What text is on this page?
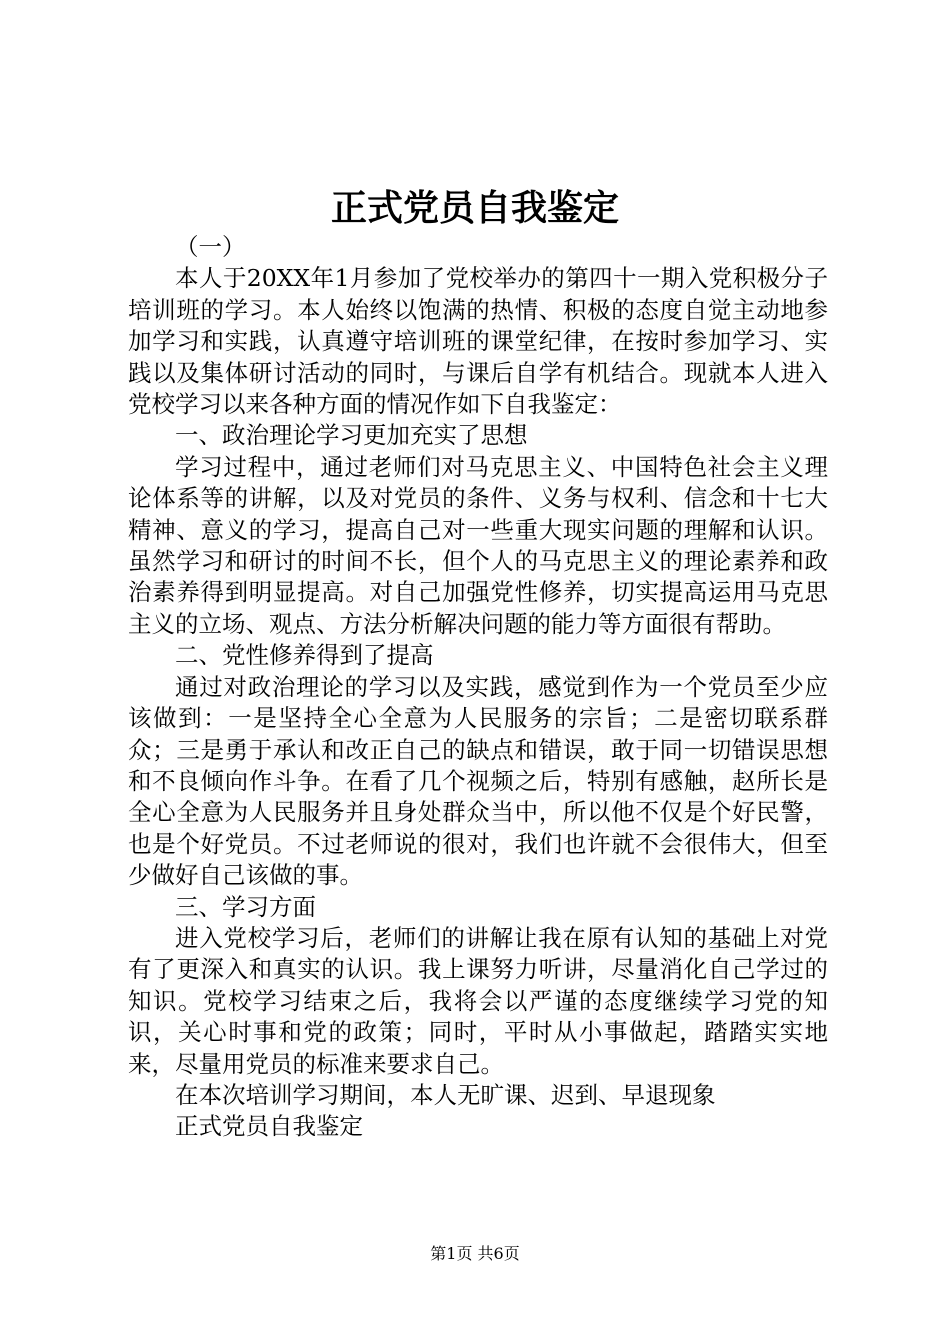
正式党员自我鉴定

（一）

本人于20XX年1月参加了党校举办的第四十一期入党积极分子培训班的学习。本人始终以饱满的热情、积极的态度自觉主动地参加学习和实践，认真遵守培训班的课堂纪律，在按时参加学习、实践以及集体研讨活动的同时，与课后自学有机结合。现就本人进入党校学习以来各种方面的情况作如下自我鉴定：

一、政治理论学习更加充实了思想

学习过程中，通过老师们对马克思主义、中国特色社会主义理论体系等的讲解，以及对党员的条件、义务与权利、信念和十七大精神、意义的学习，提高自己对一些重大现实问题的理解和认识。虽然学习和研讨的时间不长，但个人的马克思主义的理论素养和政治素养得到明显提高。对自己加强党性修养，切实提高运用马克思主义的立场、观点、方法分析解决问题的能力等方面很有帮助。

二、党性修养得到了提高

通过对政治理论的学习以及实践，感觉到作为一个党员至少应该做到：一是坚持全心全意为人民服务的宗旨；二是密切联系群众；三是勇于承认和改正自己的缺点和错误，敢于同一切错误思想和不良倾向作斗争。在看了几个视频之后，特别有感触，赵所长是全心全意为人民服务并且身处群众当中，所以他不仅是个好民警，也是个好党员。不过老师说的很对，我们也许就不会很伟大，但至少做好自己该做的事。

三、学习方面

进入党校学习后，老师们的讲解让我在原有认知的基础上对党有了更深入和真实的认识。我上课努力听讲，尽量消化自己学过的知识。党校学习结束之后，我将会以严谨的态度继续学习党的知识，关心时事和党的政策；同时，平时从小事做起，踏踏实实地来，尽量用党员的标准来要求自己。

在本次培训学习期间，本人无旷课、迟到、早退现象

正式党员自我鉴定

第1页 共6页
